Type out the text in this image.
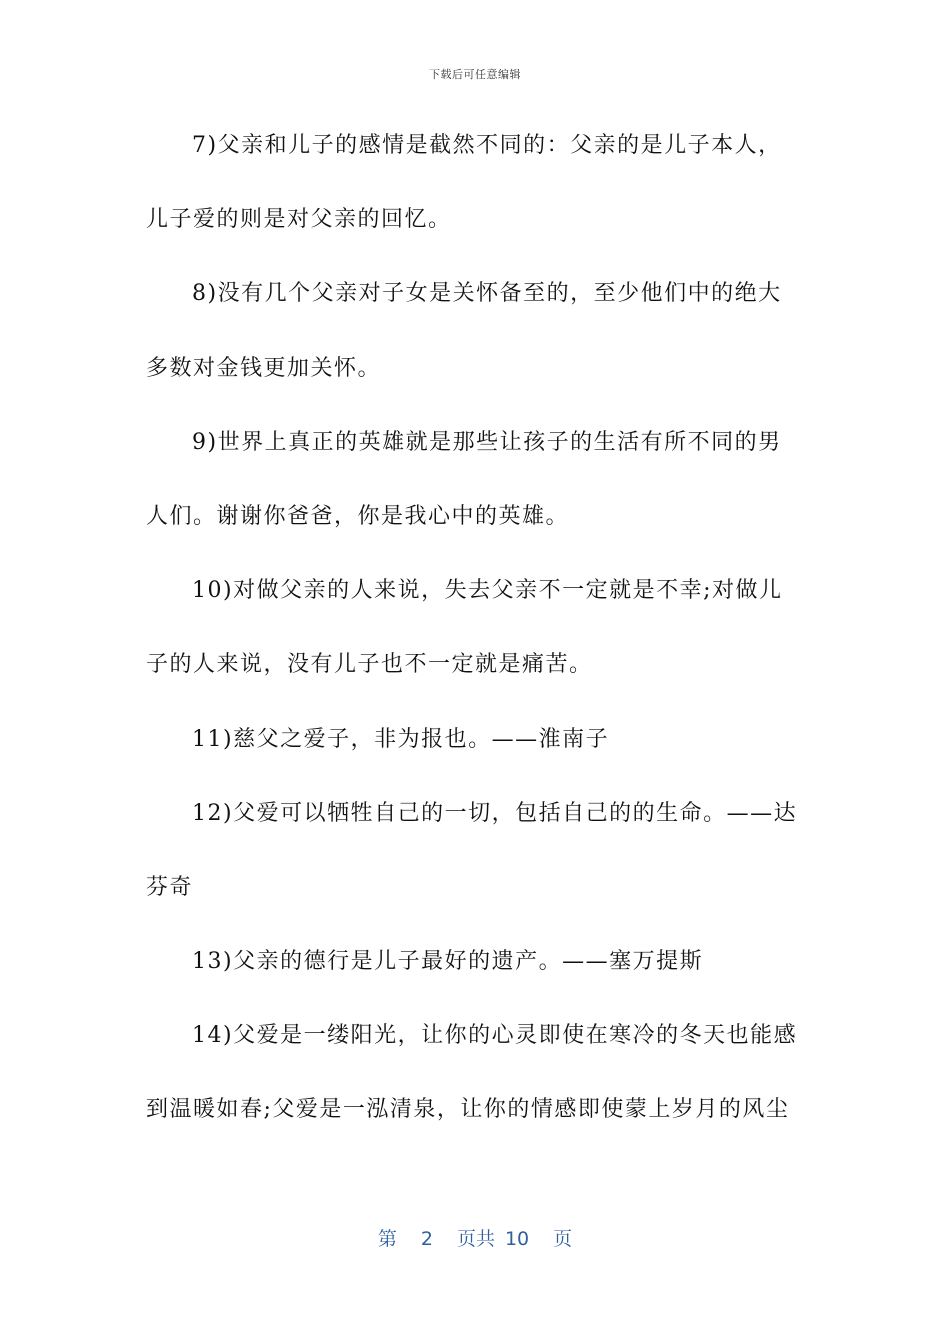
下载后可任意编辑
7)父亲和儿子的感情是截然不同的：父亲的是儿子本人，
儿子爱的则是对父亲的回忆。
8)没有几个父亲对子女是关怀备至的，至少他们中的绝大
多数对金钱更加关怀。
9)世界上真正的英雄就是那些让孩子的生活有所不同的男
人们。谢谢你爸爸，你是我心中的英雄。
10)对做父亲的人来说，失去父亲不一定就是不幸;对做儿
子的人来说，没有儿子也不一定就是痛苦。
11)慈父之爱子，非为报也。——淮南子
12)父爱可以牺牲自己的一切，包括自己的的生命。——达
芬奇
13)父亲的德行是儿子最好的遗产。——塞万提斯
14)父爱是一缕阳光，让你的心灵即使在寒冷的冬天也能感
到温暖如春;父爱是一泓清泉，让你的情感即使蒙上岁月的风尘
第 2 页共 10 页
